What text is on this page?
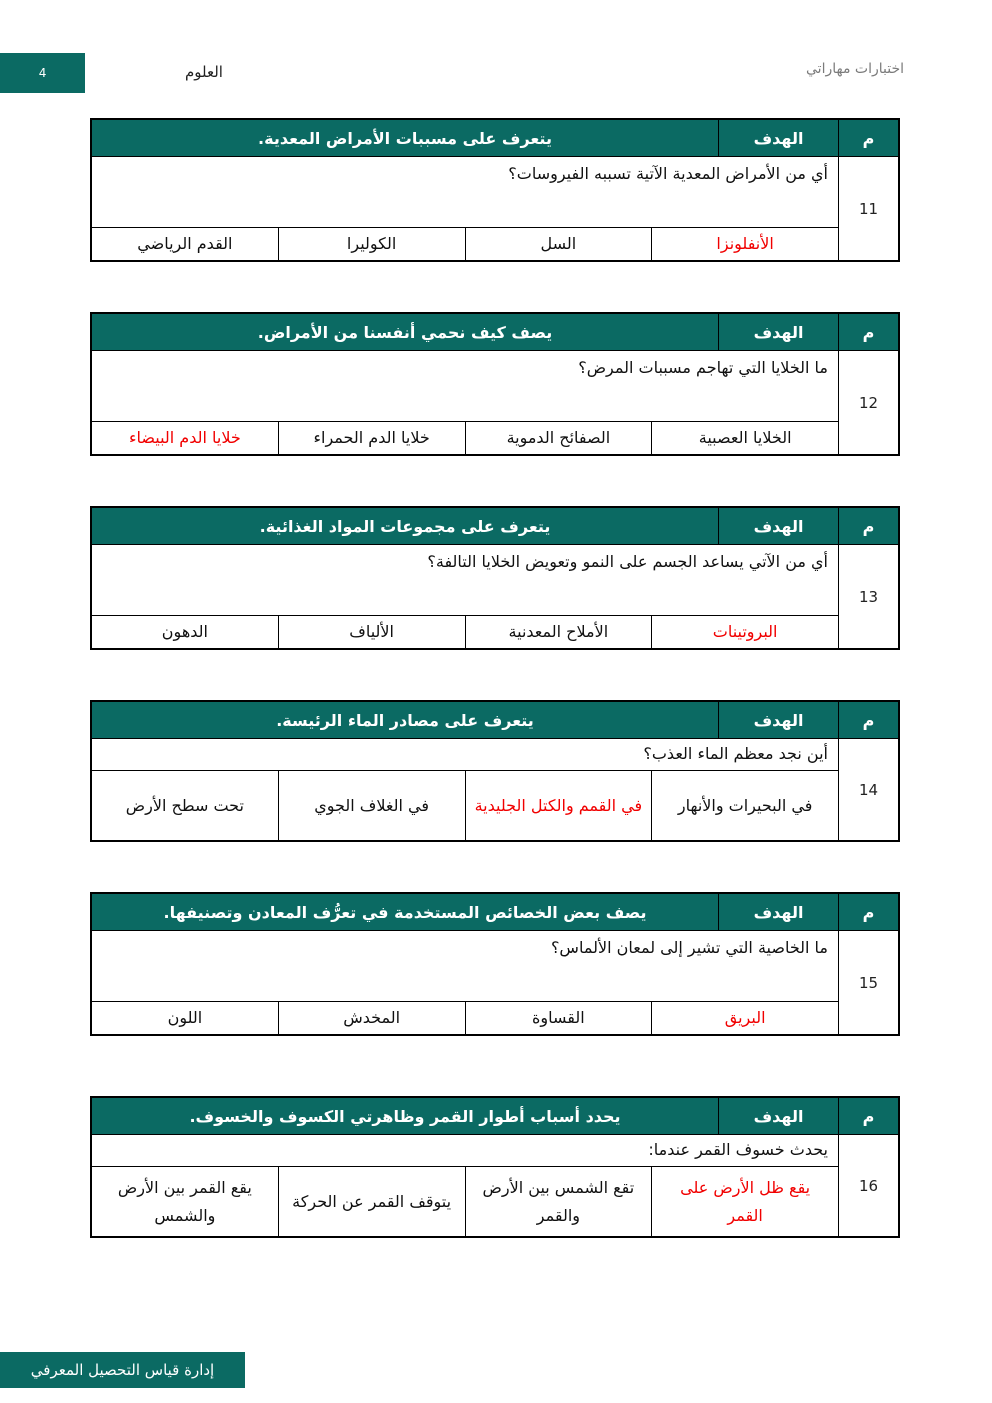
4	اختبارات مهاراتي
العلوم
م
الهدف
يتعرف على مسببات الأمراض المعدية.
11
أي من الأمراض المعدية الآتية تسببه الفيروسات؟
الأنفلونزا
السل
الكوليرا
القدم الرياضي
م
الهدف
يصف كيف نحمي أنفسنا من الأمراض.
12
ما الخلايا التي تهاجم مسببات المرض؟
الخلايا العصبية
الصفائح الدموية
خلايا الدم الحمراء
خلايا الدم البيضاء
م
الهدف
يتعرف على مجموعات المواد الغذائية.
13
أي من الآتي يساعد الجسم على النمو وتعويض الخلايا التالفة؟
البروتينات
الأملاح المعدنية
الألياف
الدهون
م
الهدف
يتعرف على مصادر الماء الرئيسة.
14
أين نجد معظم الماء العذب؟
في البحيرات والأنهار
في القمم والكتل الجليدية
في الغلاف الجوي
تحت سطح الأرض
م
الهدف
يصف بعض الخصائص المستخدمة في تعرُّف المعادن وتصنيفها.
15
ما الخاصية التي تشير إلى لمعان الألماس؟
البريق
القساوة
المخدش
اللون
م
الهدف
يحدد أسباب أطوار القمر وظاهرتي الكسوف والخسوف.
16
يحدث خسوف القمر عندما:
يقع ظل الأرض على القمر
تقع الشمس بين الأرض والقمر
يتوقف القمر عن الحركة
يقع القمر بين الأرض والشمس
إدارة قياس التحصيل المعرفي
